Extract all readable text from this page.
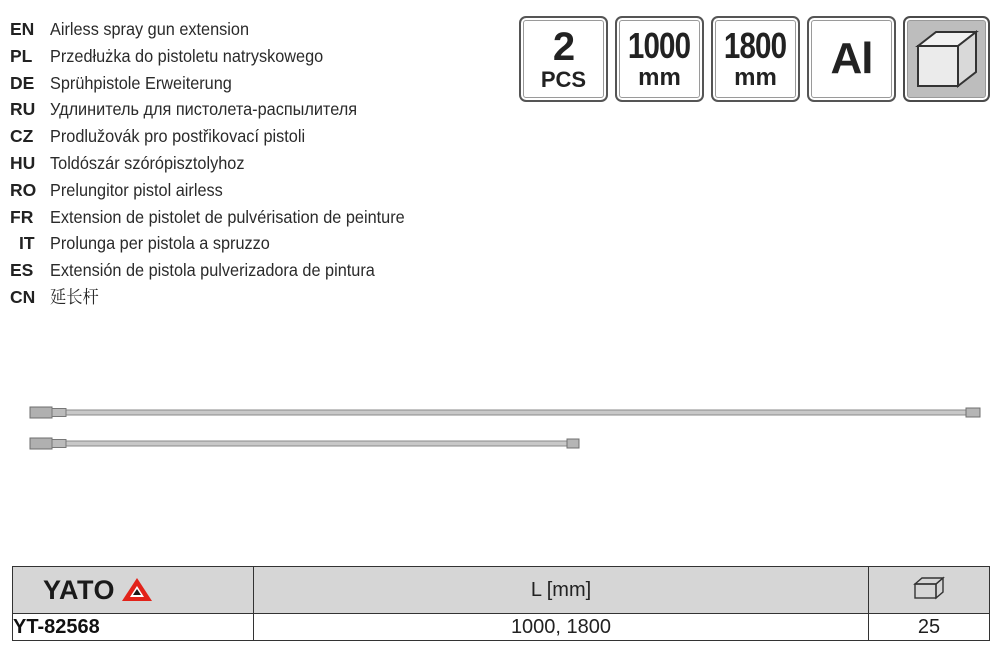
EN Airless spray gun extension
PL	Przedłużka do pistoletu natryskowego
DE Sprühpistole Erweiterung
RU Удлинитель для пистолета-распылителя
CZ Prodlužovák pro postřikovací pistoli
HU Toldószár szórópisztolyhoz
RO Prelungitor pistol airless
FR Extension de pistolet de pulvérisation de peinture
IT Prolunga per pistola a spruzzo
ES Extensión de pistola pulverizadora de pintura
CN 延长杆
2
PCS
1000
mm
1800
mm Al
YATO	L [mm]	
YT-82568	1000, 1800	25
